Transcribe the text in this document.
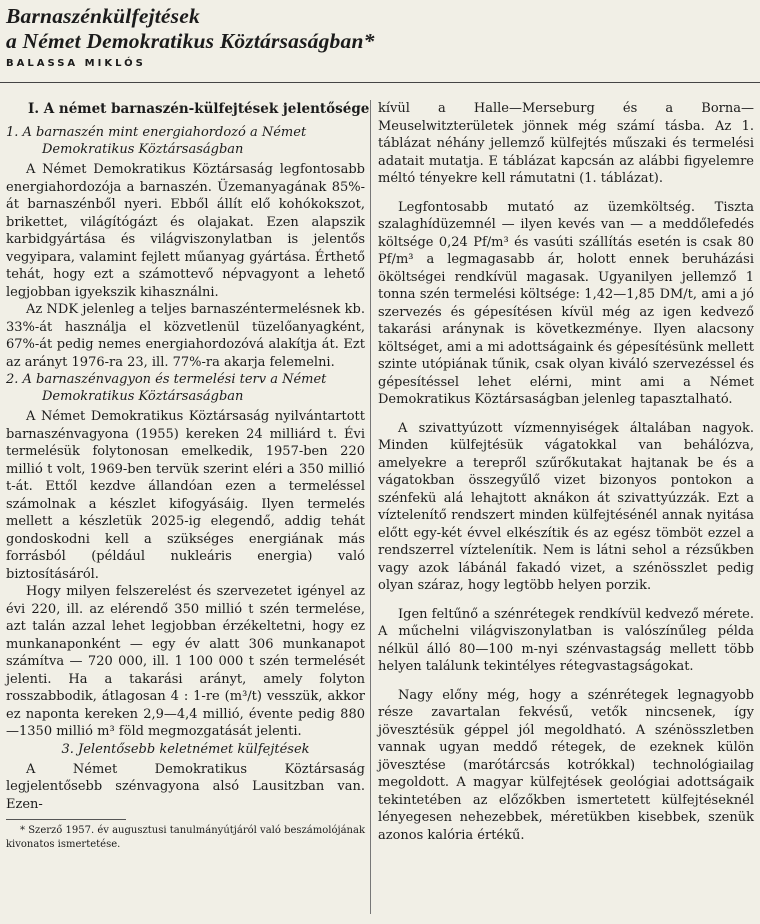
Barnaszénkülfejtések
a Német Demokratikus Köztársaságban*
BALASSA MIKLÓS
I. A német barnaszén-külfejtések jelentősége
1. A barnaszén mint energiahordozó a Német
Demokratikus Köztársaságban

A Német Demokratikus Köztársaság legfontosabb energiahordozója a barnaszén. Üzemanyagának 85%-át barnaszénből nyeri. Ebből állít elő kohókokszot, brikettet, világítógázt és olajakat. Ezen alapszik karbidgyártása és világviszonylatban is jelentős vegyipara, valamint fejlett műanyag gyártása. Érthető tehát, hogy ezt a számottevő népvagyont a lehető legjobban igyekszik kihasználni.

Az NDK jelenleg a teljes barnaszéntermelésnek kb. 33%-át használja el közvetlenül tüzelőanyagként, 67%-át pedig nemes energiahordozóvá alakítja át. Ezt az arányt 1976-ra 23, ill. 77%-ra akarja felemelni.

2. A barnaszénvagyon és termelési terv a Német
Demokratikus Köztársaságban

A Német Demokratikus Köztársaság nyilvántartott barnaszénvagyona (1955) kereken 24 milliárd t. Évi termelésük folytonosan emelkedik, 1957-ben 220 millió t volt, 1969-ben tervük szerint eléri a 350 millió t-át. Ettől kezdve állandóan ezen a termeléssel számolnak a készlet kifogyásáig. Ilyen termelés mellett a készletük 2025-ig elegendő, addig tehát gondoskodni kell a szükséges energiának más forrásból (például nukleáris energia) való biztosításáról.

Hogy milyen felszerelést és szervezetet igényel az évi 220, ill. az elérendő 350 millió t szén termelése, azt talán azzal lehet legjobban érzékeltetni, hogy ez munkanaponként — egy év alatt 306 munkanapot számítva — 720 000, ill. 1 100 000 t szén termelését jelenti. Ha a takarási arányt, amely folyton rosszabbodik, átlagosan 4 : 1-re (m³/t) vesszük, akkor ez naponta kereken 2,9—4,4 millió, évente pedig 880—1350 millió m³ föld megmozgatását jelenti.

3. Jelentősebb keletnémet külfejtések

A Német Demokratikus Köztársaság legjelentősebb szénvagyona alsó Lausitzban van. Ezen-

* Szerző 1957. év augusztusi tanulmányútjáról való beszámolójának kivonatos ismertetése.

kívül a Halle—Merseburg és a Borna—Meuselwitzterületek jönnek még számí tásba. Az 1. táblázat néhány jellemző külfejtés műszaki és termelési adatait mutatja. E táblázat kapcsán az alábbi figyelemre méltó tényekre kell rámutatni (1. táblázat).

Legfontosabb mutató az üzemköltség. Tiszta szalaghídüzemnél — ilyen kevés van — a meddőlefedés költsége 0,24 Pf/m³ és vasúti szállítás esetén is csak 80 Pf/m³ a legmagasabb ár, holott ennek beruházási ököltségei rendkívül magasak. Ugyanilyen jellemző 1 tonna szén termelési költsége: 1,42—1,85 DM/t, ami a jó szervezés és gépesítésen kívül még az igen kedvező takarási aránynak is következménye. Ilyen alacsony költséget, ami a mi adottságaink és gépesítésünk mellett szinte utópiának tűnik, csak olyan kiváló szervezéssel és gépesítéssel lehet elérni, mint ami a Német Demokratikus Köztársaságban jelenleg tapasztalható.

A szivattyúzott vízmennyiségek általában nagyok. Minden külfejtésük vágatokkal van behálózva, amelyekre a terepről szűrőkutakat hajtanak be és a vágatokban összegyűlő vizet bizonyos pontokon a szénfekü alá lehajtott aknákon át szivattyúzzák. Ezt a víztelenítő rendszert minden külfejtésénél annak nyitása előtt egy-két évvel elkészítik és az egész tömböt ezzel a rendszerrel víztelenítik. Nem is látni sehol a rézsűkben vagy azok lábánál fakadó vizet, a szénösszlet pedig olyan száraz, hogy legtöbb helyen porzik.

Igen feltűnő a szénrétegek rendkívül kedvező mérete. A műchelni világviszonylatban is valószínűleg példa nélkül álló 80—100 m-nyi szénvastagság mellett több helyen találunk tekintélyes rétegvastagságokat.

Nagy előny még, hogy a szénrétegek legnagyobb része zavartalan fekvésű, vetők nincsenek, így jövesztésük géppel jól megoldható. A szénösszletben vannak ugyan meddő rétegek, de ezeknek külön jövesztése (marótárcsás kotrókkal) technológiailag megoldott. A magyar külfejtések geológiai adottságaik tekintetében az előzőkben ismertetett külfejtéseknél lényegesen nehezebbek, méretükben kisebbek, szenük azonos kalória értékű.
